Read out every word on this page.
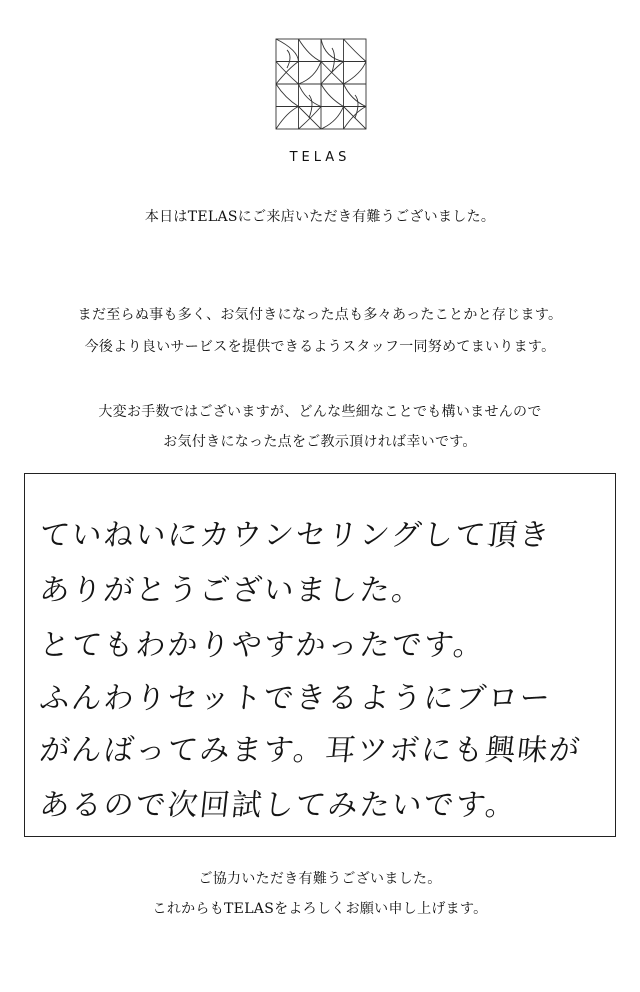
TELAS
本日はTELASにご来店いただき有難うございました。
まだ至らぬ事も多く、お気付きになった点も多々あったことかと存じます。
今後より良いサービスを提供できるようスタッフ一同努めてまいります。
大変お手数ではございますが、どんな些細なことでも構いませんので
お気付きになった点をご教示頂ければ幸いです。
ていねいにカウンセリングして頂き
ありがとうございました。
とてもわかりやすかったです。
ふんわりセットできるようにブロー
がんばってみます。耳ツボにも興味が
あるので次回試してみたいです。
ご協力いただき有難うございました。
これからもTELASをよろしくお願い申し上げます。
